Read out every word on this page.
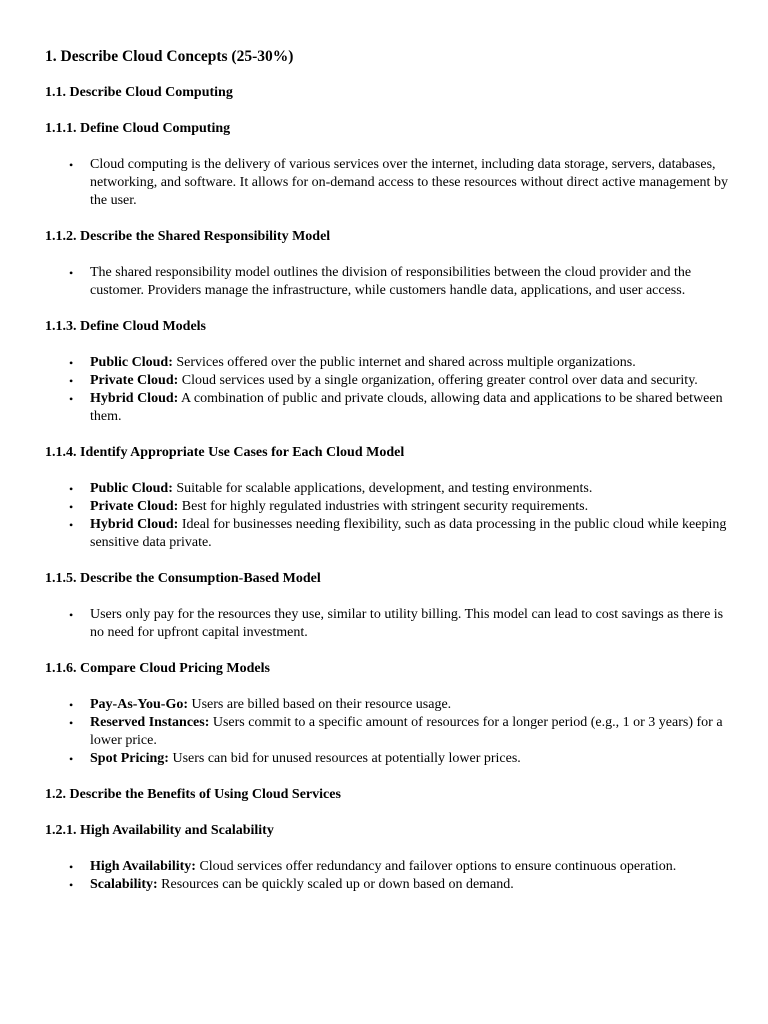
1. Describe Cloud Concepts (25-30%)
1.1. Describe Cloud Computing
1.1.1. Define Cloud Computing
• Cloud computing is the delivery of various services over the internet, including data storage, servers, databases, networking, and software. It allows for on-demand access to these resources without direct active management by the user.
1.1.2. Describe the Shared Responsibility Model
• The shared responsibility model outlines the division of responsibilities between the cloud provider and the customer. Providers manage the infrastructure, while customers handle data, applications, and user access.
1.1.3. Define Cloud Models
• Public Cloud: Services offered over the public internet and shared across multiple organizations.
• Private Cloud: Cloud services used by a single organization, offering greater control over data and security.
• Hybrid Cloud: A combination of public and private clouds, allowing data and applications to be shared between them.
1.1.4. Identify Appropriate Use Cases for Each Cloud Model
• Public Cloud: Suitable for scalable applications, development, and testing environments.
• Private Cloud: Best for highly regulated industries with stringent security requirements.
• Hybrid Cloud: Ideal for businesses needing flexibility, such as data processing in the public cloud while keeping sensitive data private.
1.1.5. Describe the Consumption-Based Model
• Users only pay for the resources they use, similar to utility billing. This model can lead to cost savings as there is no need for upfront capital investment.
1.1.6. Compare Cloud Pricing Models
• Pay-As-You-Go: Users are billed based on their resource usage.
• Reserved Instances: Users commit to a specific amount of resources for a longer period (e.g., 1 or 3 years) for a lower price.
• Spot Pricing: Users can bid for unused resources at potentially lower prices.
1.2. Describe the Benefits of Using Cloud Services
1.2.1. High Availability and Scalability
• High Availability: Cloud services offer redundancy and failover options to ensure continuous operation.
• Scalability: Resources can be quickly scaled up or down based on demand.
